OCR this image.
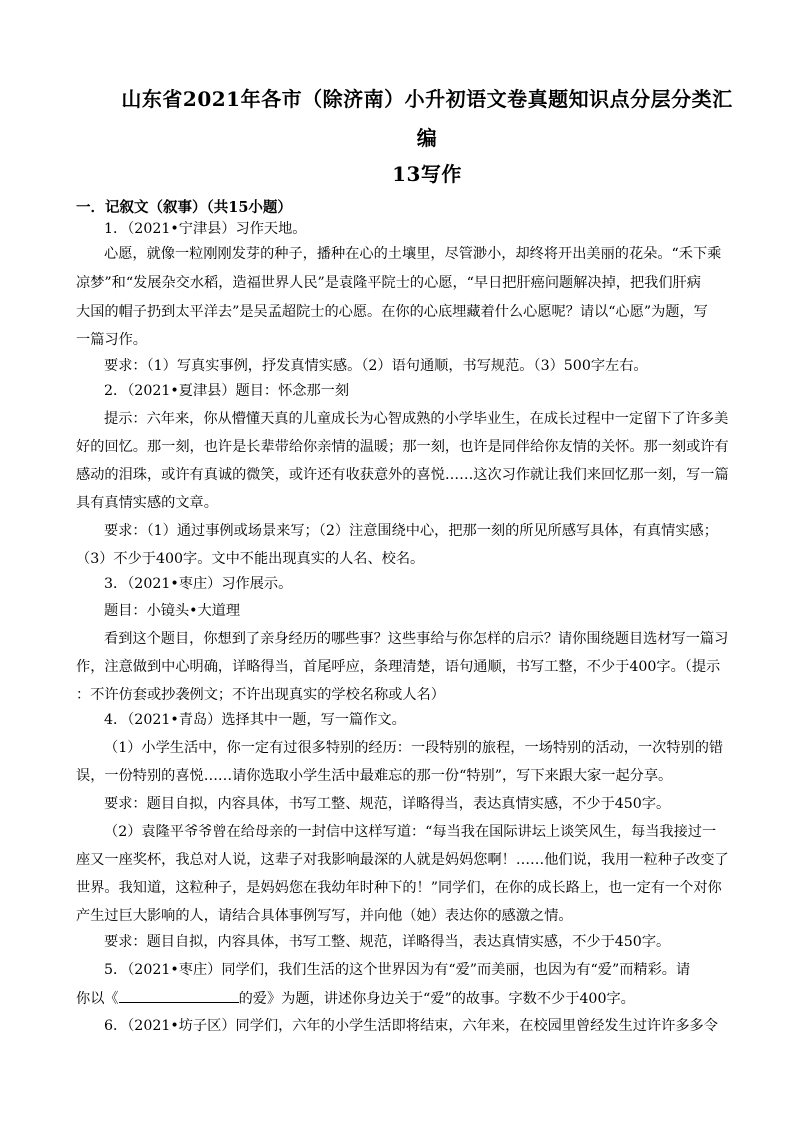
山东省2021年各市（除济南）小升初语文卷真题知识点分层分类汇
编
13写作
一．记叙文（叙事）（共15小题）
1．（2021•宁津县）习作天地。
心愿，就像一粒刚刚发芽的种子，播种在心的土壤里，尽管渺小，却终将开出美丽的花朵。“禾下乘
凉梦”和“发展杂交水稻，造福世界人民”是袁隆平院士的心愿，“早日把肝癌问题解决掉，把我们肝病
大国的帽子扔到太平洋去”是吴孟超院士的心愿。在你的心底埋藏着什么心愿呢？请以“心愿”为题，写
一篇习作。
要求：（1）写真实事例，抒发真情实感。（2）语句通顺，书写规范。（3）500字左右。
2．（2021•夏津县）题目：怀念那一刻
提示：六年来，你从懵懂天真的儿童成长为心智成熟的小学毕业生，在成长过程中一定留下了许多美
好的回忆。那一刻，也许是长辈带给你亲情的温暖；那一刻，也许是同伴给你友情的关怀。那一刻或许有
感动的泪珠，或许有真诚的微笑，或许还有收获意外的喜悦……这次习作就让我们来回忆那一刻，写一篇
具有真情实感的文章。
要求：（1）通过事例或场景来写；（2）注意围绕中心，把那一刻的所见所感写具体，有真情实感；
（3）不少于400字。文中不能出现真实的人名、校名。
3．（2021•枣庄）习作展示。
题目：小镜头•大道理
看到这个题目，你想到了亲身经历的哪些事？这些事给与你怎样的启示？请你围绕题目选材写一篇习
作，注意做到中心明确，详略得当，首尾呼应，条理清楚，语句通顺，书写工整，不少于400字。（提示
：不许仿套或抄袭例文；不许出现真实的学校名称或人名）
4．（2021•青岛）选择其中一题，写一篇作文。
（1）小学生活中，你一定有过很多特别的经历：一段特别的旅程，一场特别的活动，一次特别的错
误，一份特别的喜悦……请你选取小学生活中最难忘的那一份“特别”，写下来跟大家一起分享。
要求：题目自拟，内容具体，书写工整、规范，详略得当，表达真情实感，不少于450字。
（2）袁隆平爷爷曾在给母亲的一封信中这样写道：“每当我在国际讲坛上谈笑风生，每当我接过一
座又一座奖杯，我总对人说，这辈子对我影响最深的人就是妈妈您啊！……他们说，我用一粒种子改变了
世界。我知道，这粒种子，是妈妈您在我幼年时种下的！”同学们，在你的成长路上，也一定有一个对你
产生过巨大影响的人，请结合具体事例写写，并向他（她）表达你的感激之情。
要求：题目自拟，内容具体，书写工整、规范，详略得当，表达真情实感，不少于450字。
5．（2021•枣庄）同学们，我们生活的这个世界因为有“爱”而美丽，也因为有“爱”而精彩。请
你以《	的爱》为题，讲述你身边关于“爱”的故事。字数不少于400字。
6．（2021•坊子区）同学们，六年的小学生活即将结束，六年来，在校园里曾经发生过许许多多令
